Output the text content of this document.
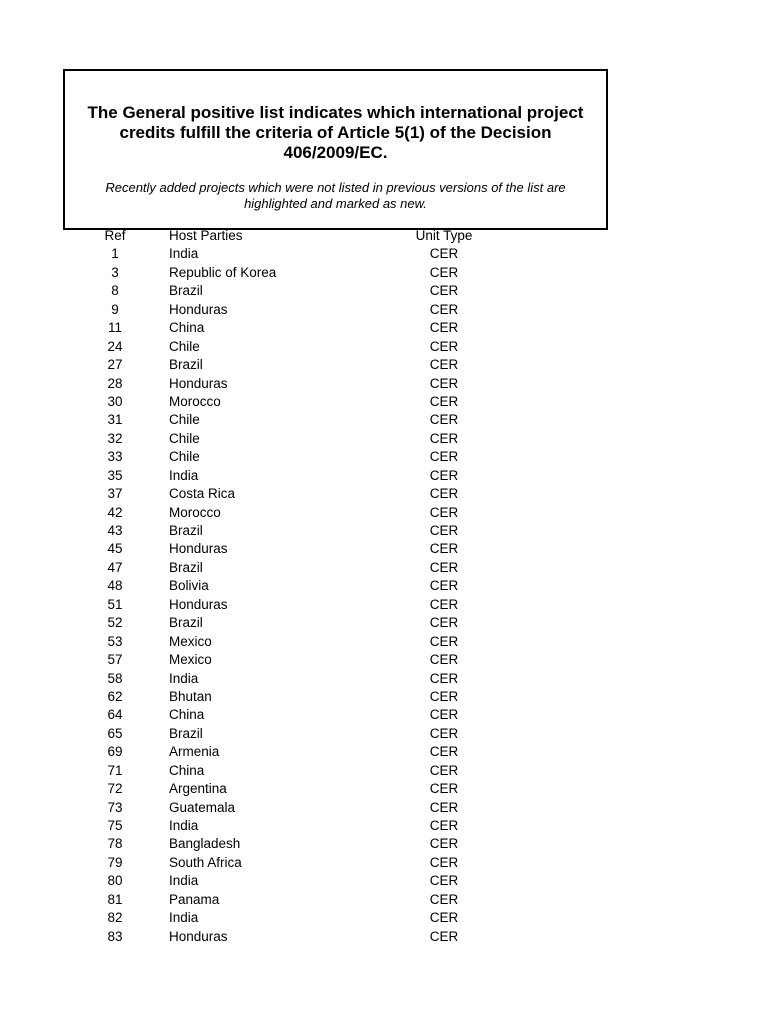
The General positive list indicates which international project credits fulfill the criteria of Article 5(1) of the Decision 406/2009/EC.
Recently added projects which were not listed in previous versions of the list are highlighted and marked as new.
Ref	Host Parties	Unit Type
1	India	CER
3	Republic of Korea	CER
8	Brazil	CER
9	Honduras	CER
11	China	CER
24	Chile	CER
27	Brazil	CER
28	Honduras	CER
30	Morocco	CER
31	Chile	CER
32	Chile	CER
33	Chile	CER
35	India	CER
37	Costa Rica	CER
42	Morocco	CER
43	Brazil	CER
45	Honduras	CER
47	Brazil	CER
48	Bolivia	CER
51	Honduras	CER
52	Brazil	CER
53	Mexico	CER
57	Mexico	CER
58	India	CER
62	Bhutan	CER
64	China	CER
65	Brazil	CER
69	Armenia	CER
71	China	CER
72	Argentina	CER
73	Guatemala	CER
75	India	CER
78	Bangladesh	CER
79	South Africa	CER
80	India	CER
81	Panama	CER
82	India	CER
83	Honduras	CER
